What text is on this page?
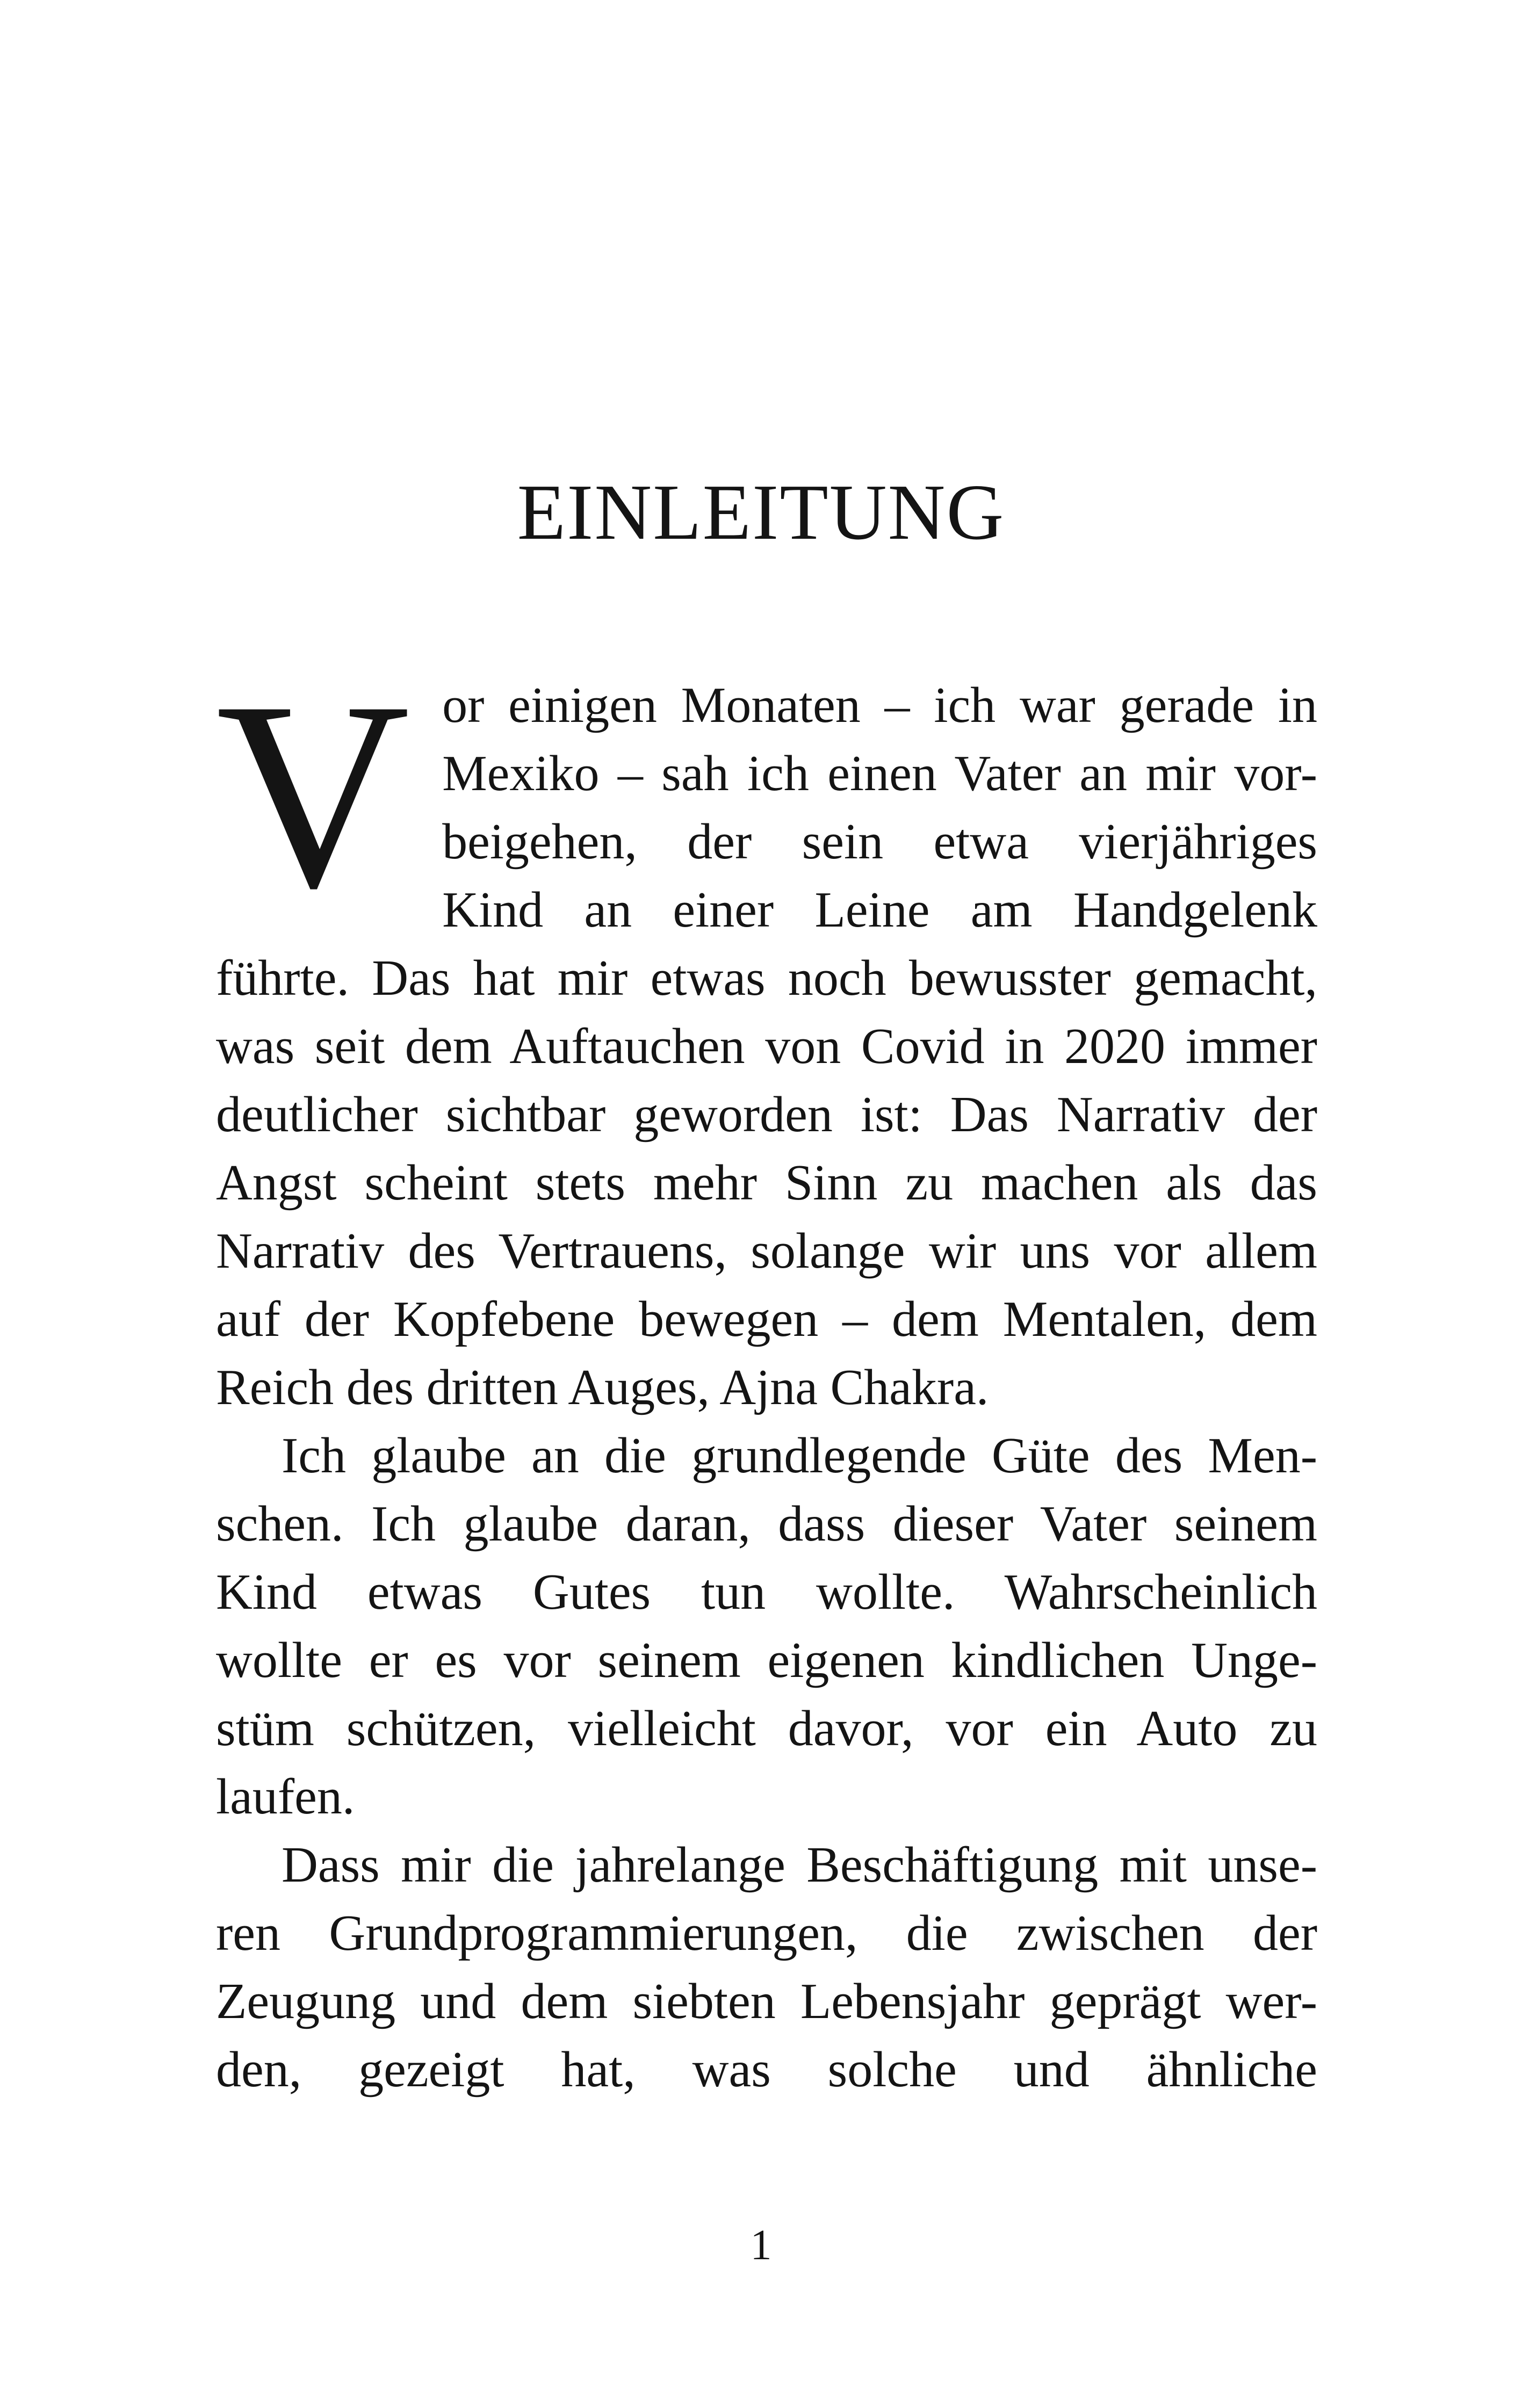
EINLEITUNG
V or einigen Monaten – ich war gerade in
Mexiko – sah ich einen Vater an mir vor-
beigehen, der sein etwa vierjähriges
Kind an einer Leine am Handgelenk
führte. Das hat mir etwas noch bewusster gemacht,
was seit dem Auftauchen von Covid in 2020 immer
deutlicher sichtbar geworden ist: Das Narrativ der
Angst scheint stets mehr Sinn zu machen als das
Narrativ des Vertrauens, solange wir uns vor allem
auf der Kopfebene bewegen – dem Mentalen, dem
Reich des dritten Auges, Ajna Chakra.
Ich glaube an die grundlegende Güte des Men-
schen. Ich glaube daran, dass dieser Vater seinem
Kind etwas Gutes tun wollte. Wahrscheinlich
wollte er es vor seinem eigenen kindlichen Unge-
stüm schützen, vielleicht davor, vor ein Auto zu
laufen.
Dass mir die jahrelange Beschäftigung mit unse-
ren Grundprogrammierungen, die zwischen der
Zeugung und dem siebten Lebensjahr geprägt wer-
den, gezeigt hat, was solche und ähnliche
1
